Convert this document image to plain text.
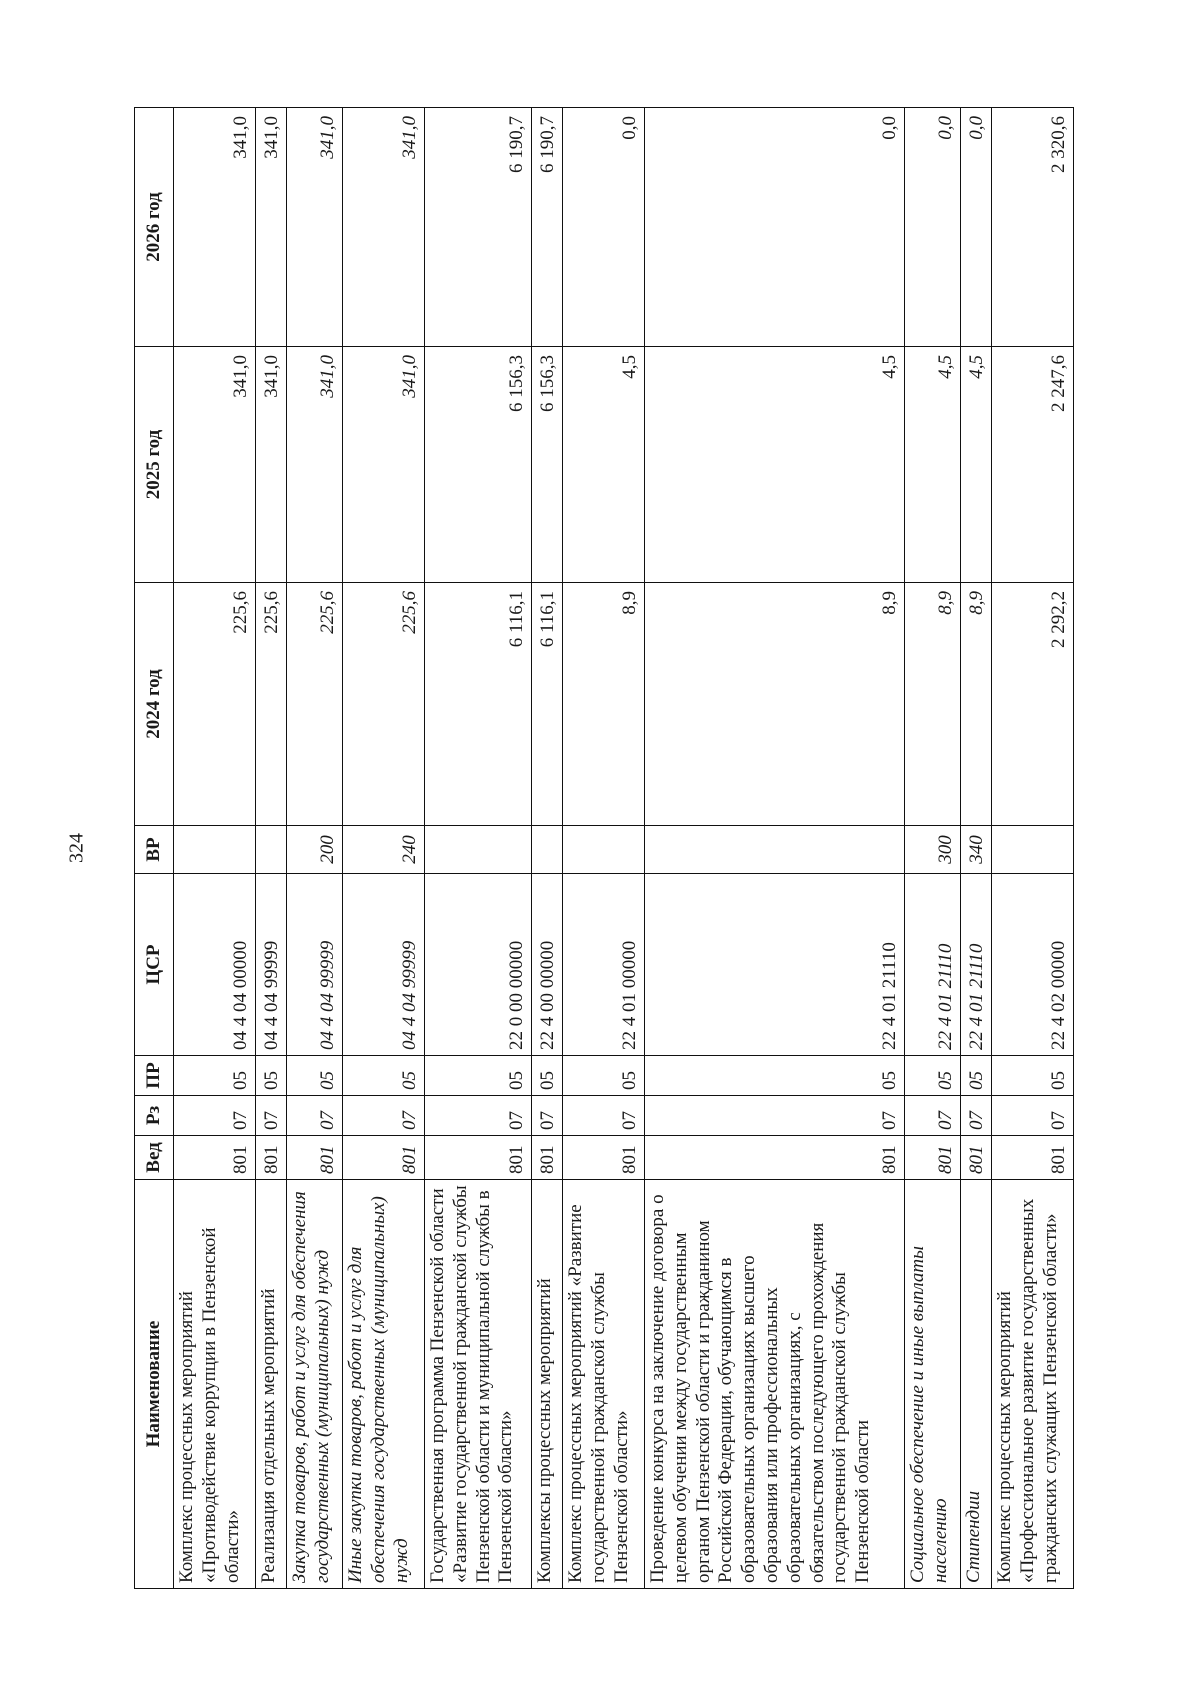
324
Наименование	Вед	Рз	ПР	ЦСР	ВР	2024 год	2025 год	2026 год
Комплекс процессных мероприятий «Противодействие коррупции в Пензенской области»	801	07	05	04 4 04 00000		225,6	341,0	341,0
Реализация отдельных мероприятий	801	07	05	04 4 04 99999		225,6	341,0	341,0
Закупка товаров, работ и услуг для обеспечения государственных (муниципальных) нужд	801	07	05	04 4 04 99999	200	225,6	341,0	341,0
Иные закупки товаров, работ и услуг для обеспечения государственных (муниципальных) нужд	801	07	05	04 4 04 99999	240	225,6	341,0	341,0
Государственная программа Пензенской области «Развитие государственной гражданской службы Пензенской области и муниципальной службы в Пензенской области»	801	07	05	22 0 00 00000		6 116,1	6 156,3	6 190,7
Комплексы процессных мероприятий	801	07	05	22 4 00 00000		6 116,1	6 156,3	6 190,7
Комплекс процессных мероприятий «Развитие государственной гражданской службы Пензенской области»	801	07	05	22 4 01 00000		8,9	4,5	0,0
Проведение конкурса на заключение договора о целевом обучении между государственным органом Пензенской области и гражданином Российской Федерации, обучающимся в образовательных организациях высшего образования или профессиональных образовательных организациях, с обязательством последующего прохождения государственной гражданской службы Пензенской области	801	07	05	22 4 01 21110		8,9	4,5	0,0
Социальное обеспечение и иные выплаты населению	801	07	05	22 4 01 21110	300	8,9	4,5	0,0
Стипендии	801	07	05	22 4 01 21110	340	8,9	4,5	0,0
Комплекс процессных мероприятий «Профессиональное развитие государственных гражданских служащих Пензенской области»	801	07	05	22 4 02 00000		2 292,2	2 247,6	2 320,6
